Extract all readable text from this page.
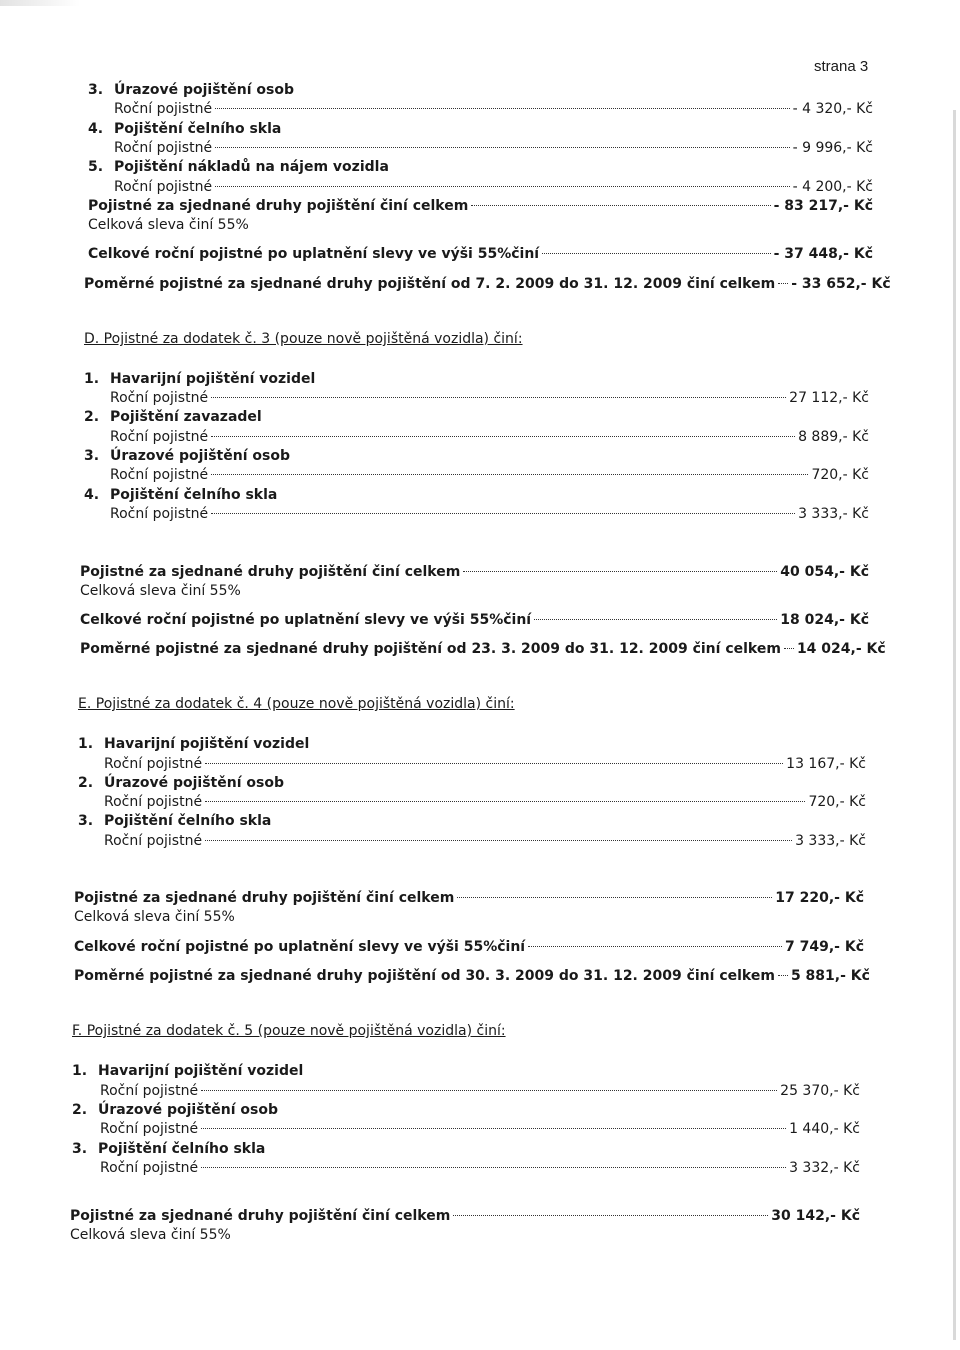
strana 3
3. Úrazové pojištění osob
Roční pojistné	- 4 320,- Kč
4. Pojištění čelního skla
Roční pojistné	- 9 996,- Kč
5. Pojištění nákladů na nájem vozidla
Roční pojistné	- 4 200,- Kč
Pojistné za sjednané druhy pojištění činí celkem	- 83 217,- Kč
Celková sleva činí 55%
Celkové roční pojistné po uplatnění slevy ve výši 55%činí	- 37 448,- Kč
Poměrné pojistné za sjednané druhy pojištění od 7. 2. 2009 do 31. 12. 2009 činí celkem - 33 652,- Kč
D. Pojistné za dodatek č. 3 (pouze nově pojištěná vozidla) činí:
1. Havarijní pojištění vozidel
Roční pojistné	27 112,- Kč
2. Pojištění zavazadel
Roční pojistné	8 889,- Kč
3. Úrazové pojištění osob
Roční pojistné	720,- Kč
4. Pojištění čelního skla
Roční pojistné	3 333,- Kč
Pojistné za sjednané druhy pojištění činí celkem	40 054,- Kč
Celková sleva činí 55%
Celkové roční pojistné po uplatnění slevy ve výši 55%činí	18 024,- Kč
Poměrné pojistné za sjednané druhy pojištění od 23. 3. 2009 do 31. 12. 2009 činí celkem 14 024,- Kč
E. Pojistné za dodatek č. 4 (pouze nově pojištěná vozidla) činí:
1. Havarijní pojištění vozidel
Roční pojistné	13 167,- Kč
2. Úrazové pojištění osob
Roční pojistné	720,- Kč
3. Pojištění čelního skla
Roční pojistné	3 333,- Kč
Pojistné za sjednané druhy pojištění činí celkem	17 220,- Kč
Celková sleva činí 55%
Celkové roční pojistné po uplatnění slevy ve výši 55%činí	7 749,- Kč
Poměrné pojistné za sjednané druhy pojištění od 30. 3. 2009 do 31. 12. 2009 činí celkem 5 881,- Kč
F. Pojistné za dodatek č. 5 (pouze nově pojištěná vozidla) činí:
1. Havarijní pojištění vozidel
Roční pojistné	25 370,- Kč
2. Úrazové pojištění osob
Roční pojistné	1 440,- Kč
3. Pojištění čelního skla
Roční pojistné	3 332,- Kč
Pojistné za sjednané druhy pojištění činí celkem	30 142,- Kč
Celková sleva činí 55%
